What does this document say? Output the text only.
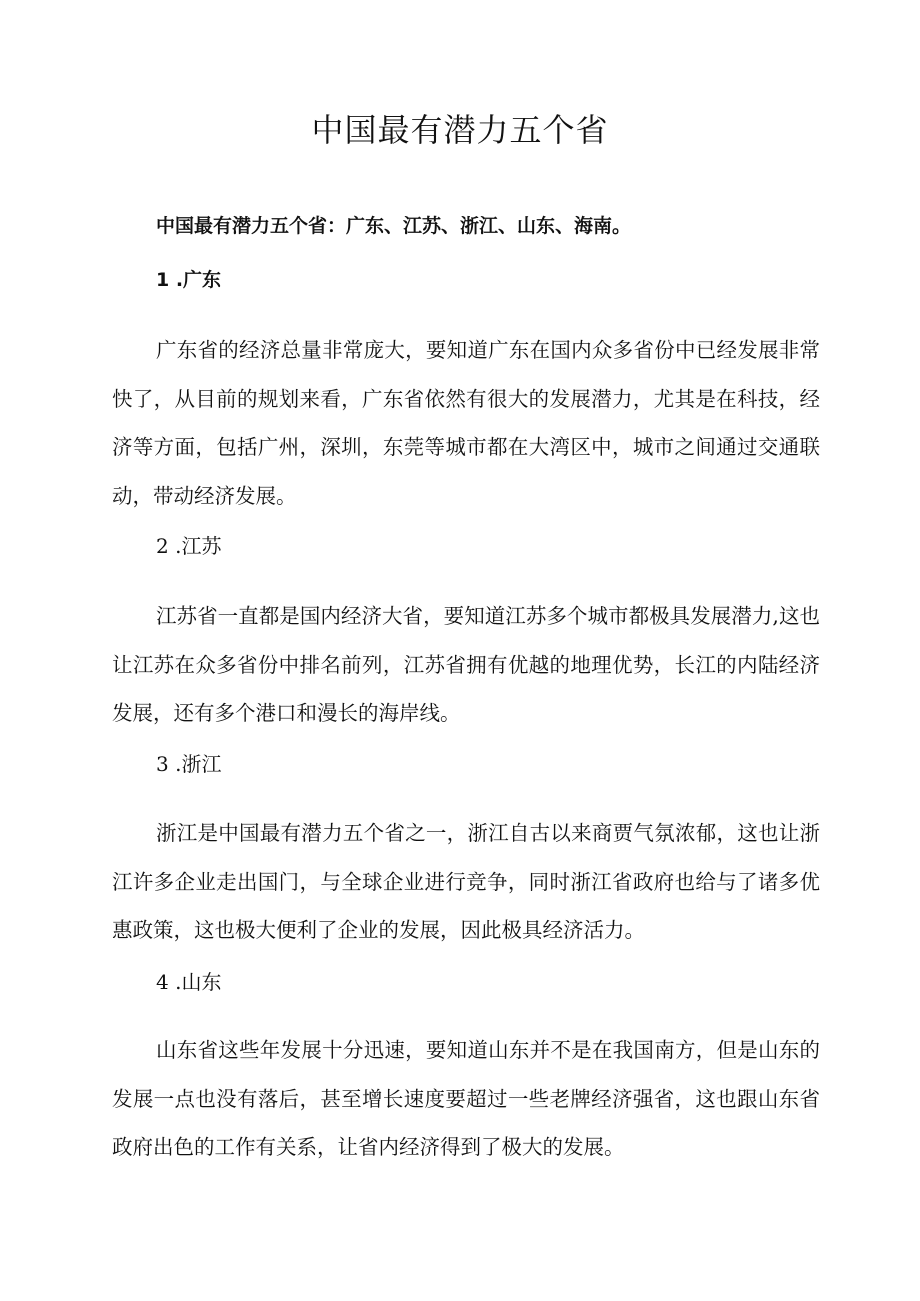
中国最有潜力五个省
中国最有潜力五个省：广东、江苏、浙江、山东、海南。
1 .广东

广东省的经济总量非常庞大，要知道广东在国内众多省份中已经发展非常快了，从目前的规划来看，广东省依然有很大的发展潜力，尤其是在科技，经济等方面，包括广州，深圳，东莞等城市都在大湾区中，城市之间通过交通联动，带动经济发展。

2 .江苏

江苏省一直都是国内经济大省，要知道江苏多个城市都极具发展潜力,这也让江苏在众多省份中排名前列，江苏省拥有优越的地理优势，长江的内陆经济发展，还有多个港口和漫长的海岸线。

3 .浙江

浙江是中国最有潜力五个省之一，浙江自古以来商贾气氛浓郁，这也让浙江许多企业走出国门，与全球企业进行竞争，同时浙江省政府也给与了诸多优惠政策，这也极大便利了企业的发展，因此极具经济活力。

4 .山东

山东省这些年发展十分迅速，要知道山东并不是在我国南方，但是山东的发展一点也没有落后，甚至增长速度要超过一些老牌经济强省，这也跟山东省政府出色的工作有关系，让省内经济得到了极大的发展。
